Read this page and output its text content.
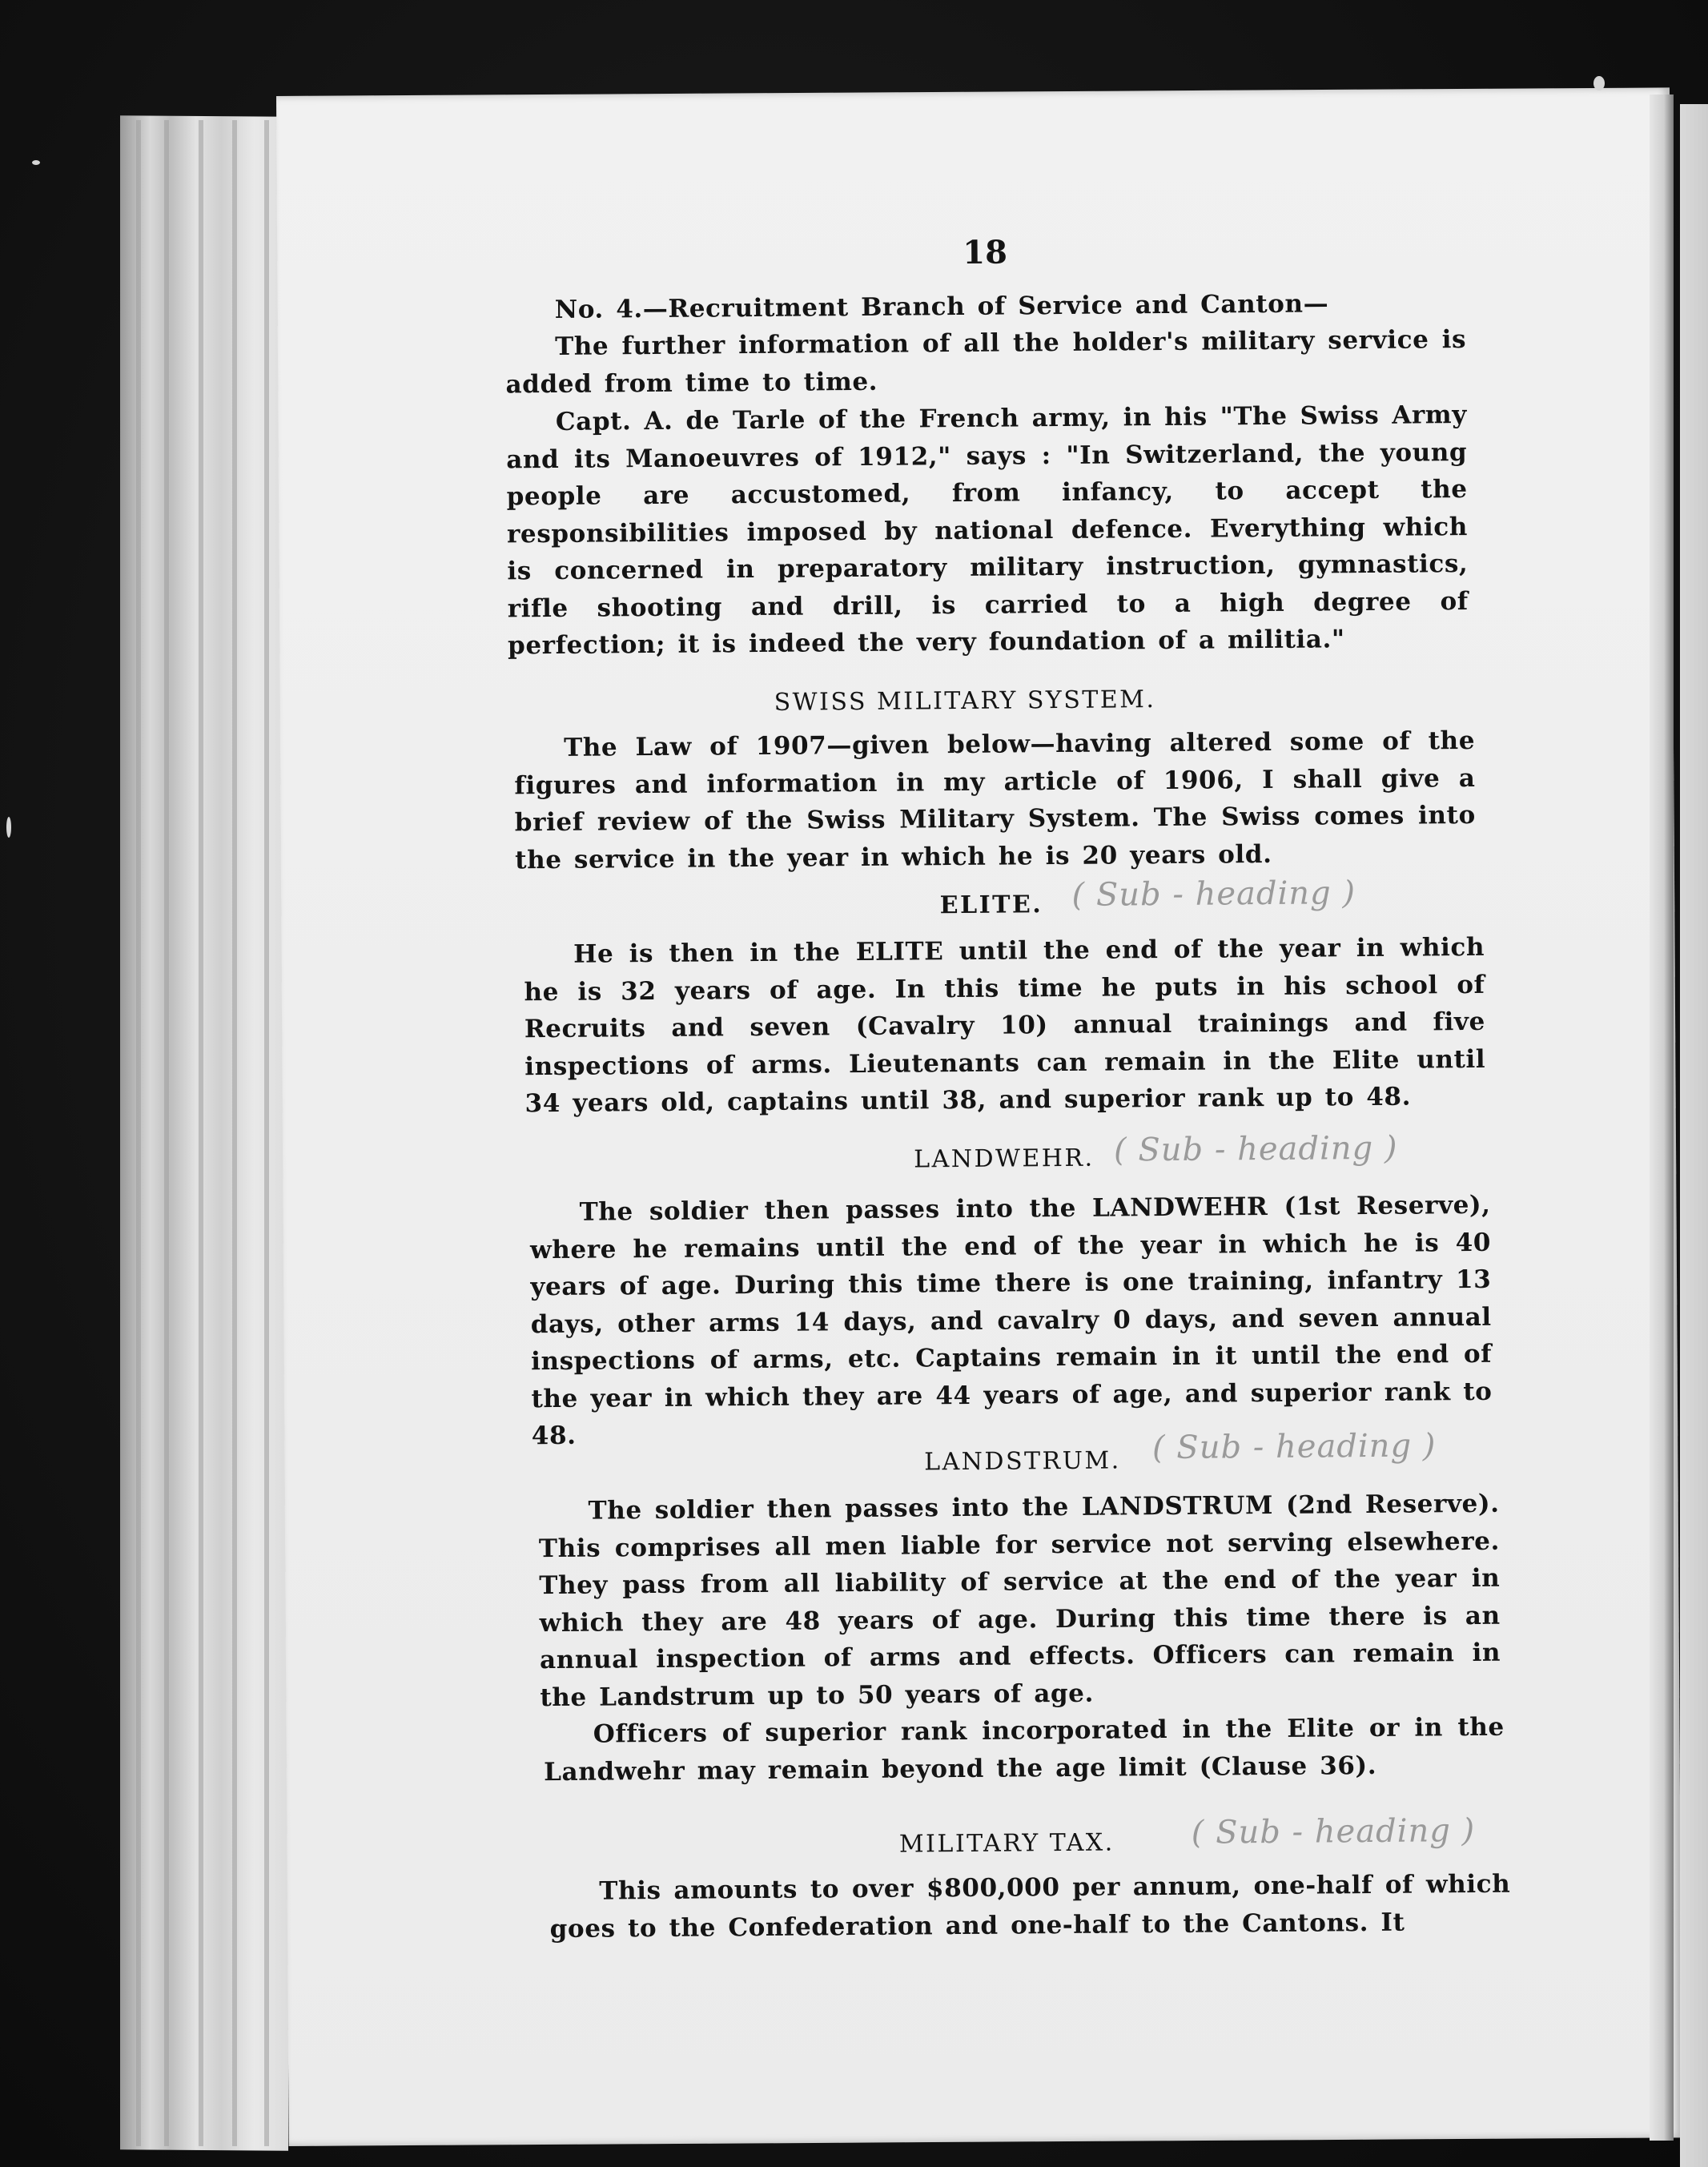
18

No. 4.—Recruitment Branch of Service and Canton—

The further information of all the holder's military service is added from time to time.

Capt. A. de Tarle of the French army, in his "The Swiss Army and its Manoeuvres of 1912," says : "In Switzerland, the young people are accustomed, from infancy, to accept the responsibilities imposed by national defence. Everything which is concerned in preparatory military instruction, gymnastics, rifle shooting and drill, is carried to a high degree of perfection; it is indeed the very foundation of a militia."

SWISS MILITARY SYSTEM.

The Law of 1907—given below—having altered some of the figures and information in my article of 1906, I shall give a brief review of the Swiss Military System. The Swiss comes into the service in the year in which he is 20 years old.

ELITE. ( Sub - heading )

He is then in the ELITE until the end of the year in which he is 32 years of age. In this time he puts in his school of Recruits and seven (Cavalry 10) annual trainings and five inspections of arms. Lieutenants can remain in the Elite until 34 years old, captains until 38, and superior rank up to 48.

LANDWEHR. ( Sub - heading )

The soldier then passes into the LANDWEHR (1st Reserve), where he remains until the end of the year in which he is 40 years of age. During this time there is one training, infantry 13 days, other arms 14 days, and cavalry 0 days, and seven annual inspections of arms, etc. Captains remain in it until the end of the year in which they are 44 years of age, and superior rank to 48.

LANDSTRUM. ( Sub - heading )

The soldier then passes into the LANDSTRUM (2nd Reserve). This comprises all men liable for service not serving elsewhere. They pass from all liability of service at the end of the year in which they are 48 years of age. During this time there is an annual inspection of arms and effects. Officers can remain in the Landstrum up to 50 years of age.

Officers of superior rank incorporated in the Elite or in the Landwehr may remain beyond the age limit (Clause 36).

MILITARY TAX. ( Sub - heading )

This amounts to over $800,000 per annum, one-half of which goes to the Confederation and one-half to the Cantons. It
